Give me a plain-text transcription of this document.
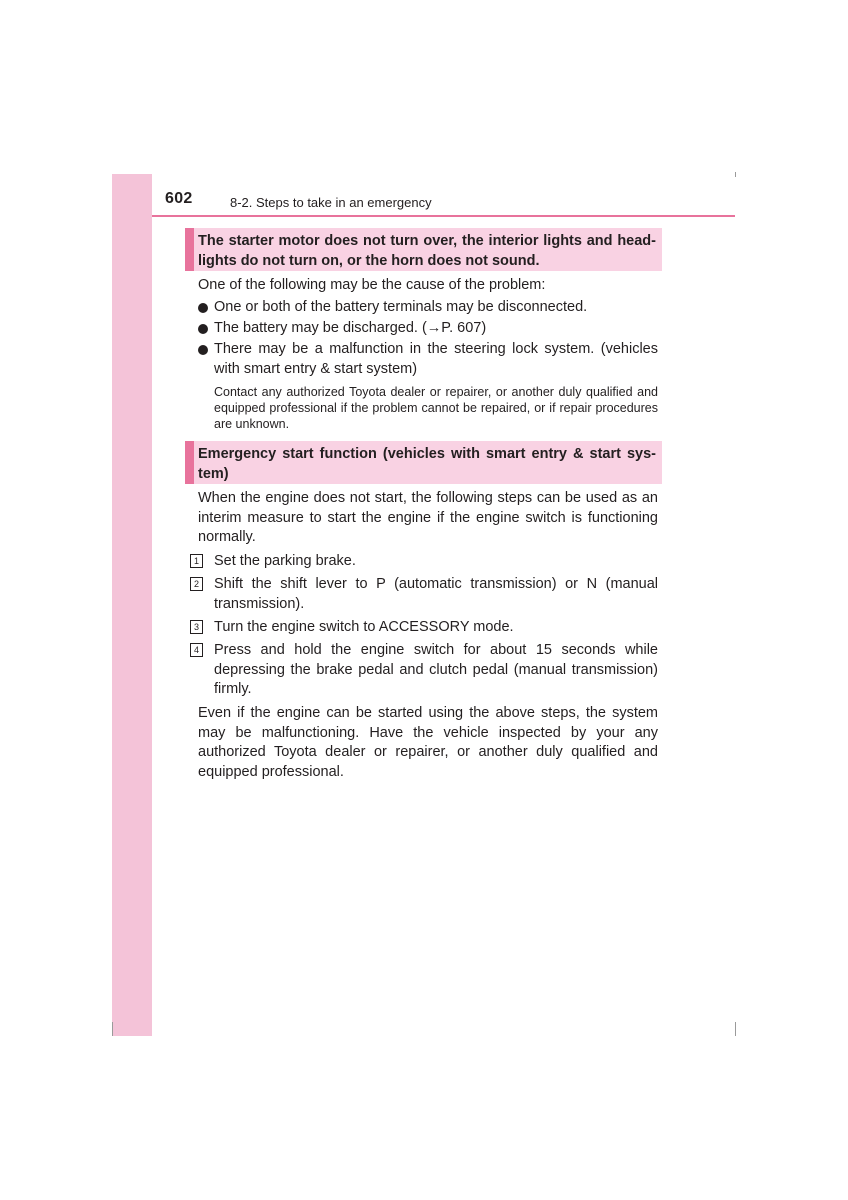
602	8-2. Steps to take in an emergency
The starter motor does not turn over, the interior lights and head-lights do not turn on, or the horn does not sound.
One of the following may be the cause of the problem:
One or both of the battery terminals may be disconnected.
The battery may be discharged. (→P. 607)
There may be a malfunction in the steering lock system. (vehicles with smart entry & start system)
Contact any authorized Toyota dealer or repairer, or another duly qualified and equipped professional if the problem cannot be repaired, or if repair procedures are unknown.
Emergency start function (vehicles with smart entry & start sys-tem)
When the engine does not start, the following steps can be used as an interim measure to start the engine if the engine switch is functioning normally.
1 Set the parking brake.
2 Shift the shift lever to P (automatic transmission) or N (manual transmission).
3 Turn the engine switch to ACCESSORY mode.
4 Press and hold the engine switch for about 15 seconds while depressing the brake pedal and clutch pedal (manual transmission) firmly.
Even if the engine can be started using the above steps, the system may be malfunctioning. Have the vehicle inspected by your any authorized Toyota dealer or repairer, or another duly qualified and equipped professional.
